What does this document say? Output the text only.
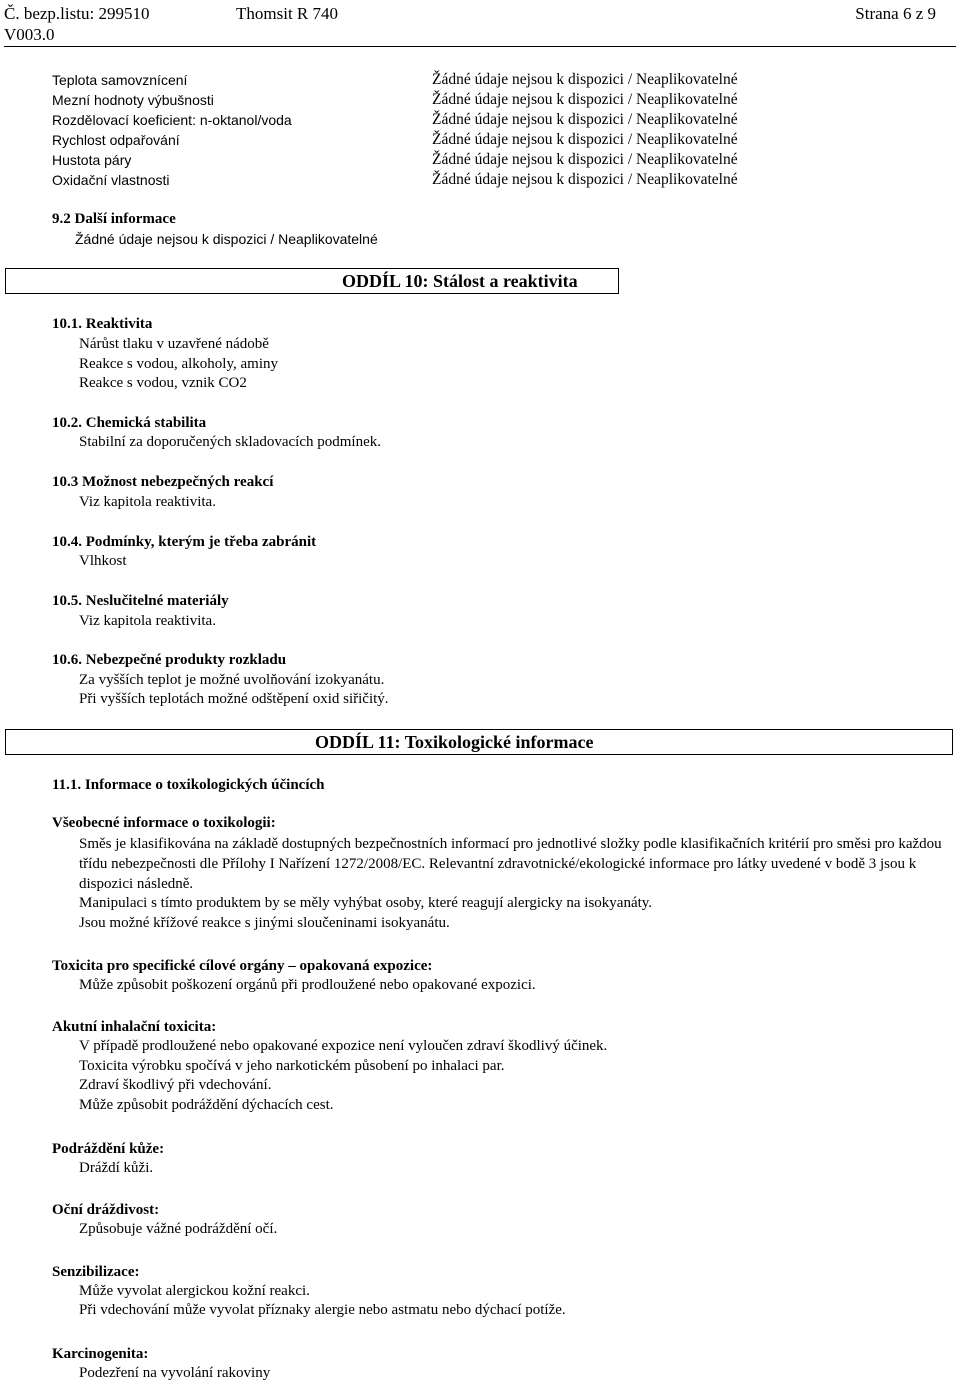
Č. bezp.listu: 299510	Thomsit R 740	Strana 6 z 9
V003.0
Teplota samovznícení	Žádné údaje nejsou k dispozici / Neaplikovatelné
Mezní hodnoty výbušnosti	Žádné údaje nejsou k dispozici / Neaplikovatelné
Rozdělovací koeficient: n-oktanol/voda	Žádné údaje nejsou k dispozici / Neaplikovatelné
Rychlost odpařování	Žádné údaje nejsou k dispozici / Neaplikovatelné
Hustota páry	Žádné údaje nejsou k dispozici / Neaplikovatelné
Oxidační vlastnosti	Žádné údaje nejsou k dispozici / Neaplikovatelné
9.2 Další informace
Žádné údaje nejsou k dispozici / Neaplikovatelné
ODDÍL 10: Stálost a reaktivita
10.1. Reaktivita
Nárůst tlaku v uzavřené nádobě
Reakce s vodou, alkoholy, aminy
Reakce s vodou, vznik CO2
10.2. Chemická stabilita
Stabilní za doporučených skladovacích podmínek.
10.3 Možnost nebezpečných reakcí
Viz kapitola reaktivita.
10.4. Podmínky, kterým je třeba zabránit
Vlhkost
10.5. Neslučitelné materiály
Viz kapitola reaktivita.
10.6. Nebezpečné produkty rozkladu
Za vyšších teplot je možné uvolňování izokyanátu.
Při vyšších teplotách možné odštěpení oxid siřičitý.
ODDÍL 11: Toxikologické informace
11.1. Informace o toxikologických účincích
Všeobecné informace o toxikologii:
Směs je klasifikována na základě dostupných bezpečnostních informací pro jednotlivé složky podle klasifikačních kritérií pro směsi pro každou třídu nebezpečnosti dle Přílohy I Nařízení 1272/2008/EC. Relevantní zdravotnické/ekologické informace pro látky uvedené v bodě 3 jsou k dispozici následně.
Manipulaci s tímto produktem by se měly vyhýbat osoby, které reagují alergicky na isokyanáty.
Jsou možné křížové reakce s jinými sloučeninami isokyanátu.
Toxicita pro specifické cílové orgány – opakovaná expozice:
Může způsobit poškození orgánů při prodloužené nebo opakované expozici.
Akutní inhalační toxicita:
V případě prodloužené nebo opakované expozice není vyloučen zdraví škodlivý účinek.
Toxicita výrobku spočívá v jeho narkotickém působení po inhalaci par.
Zdraví škodlivý při vdechování.
Může způsobit podráždění dýchacích cest.
Podráždění kůže:
Dráždí kůži.
Oční dráždivost:
Způsobuje vážné podráždění očí.
Senzibilizace:
Může vyvolat alergickou kožní reakci.
Při vdechování může vyvolat příznaky alergie nebo astmatu nebo dýchací potíže.
Karcinogenita:
Podezření na vyvolání rakoviny
